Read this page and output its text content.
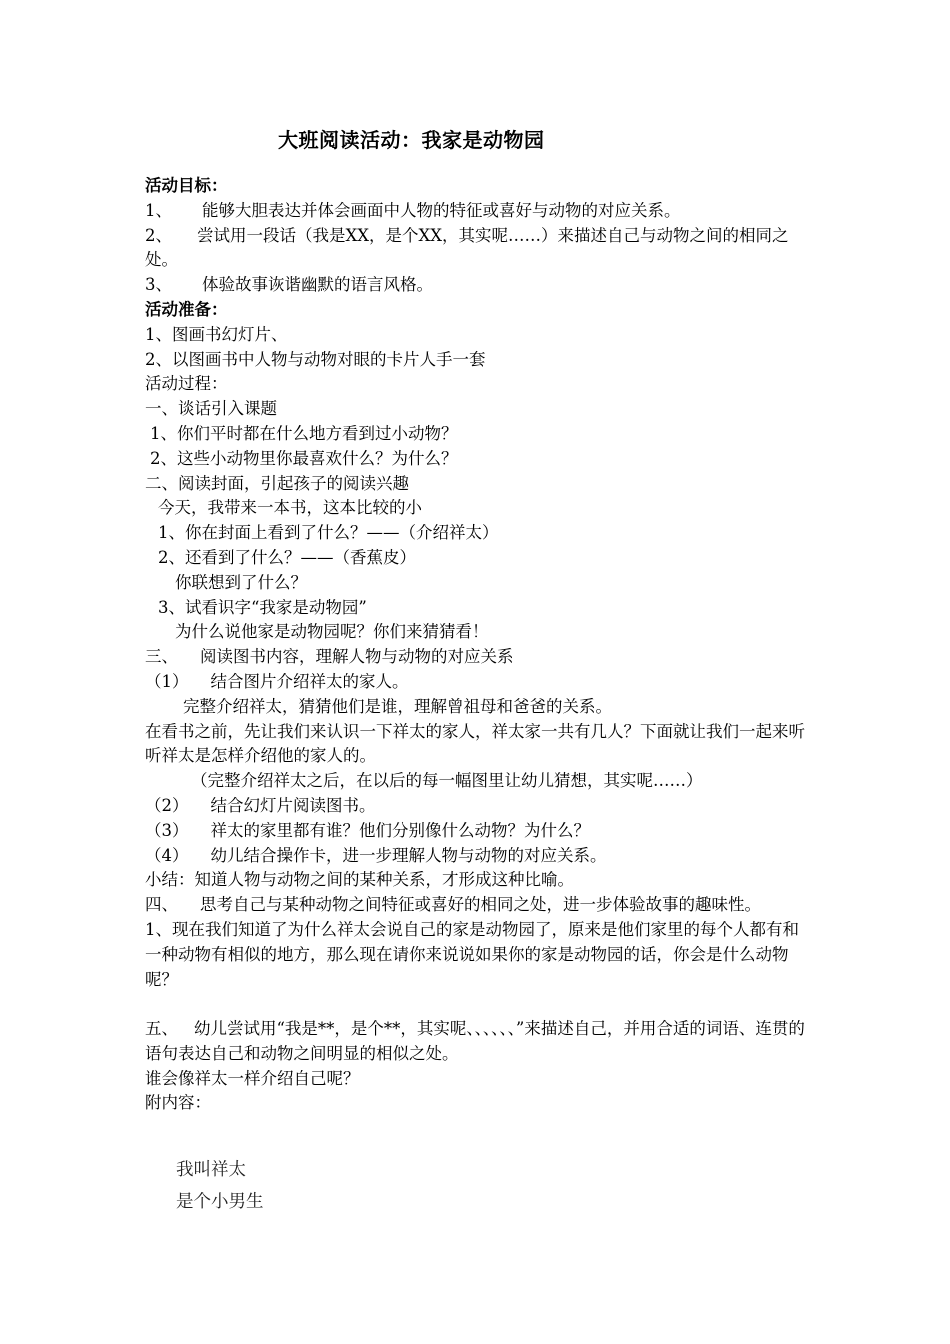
大班阅读活动：我家是动物园

活动目标：

1、 能够大胆表达并体会画面中人物的特征或喜好与动物的对应关系。

2、 尝试用一段话（我是XX，是个XX，其实呢……）来描述自己与动物之间的相同之处。

3、 体验故事诙谐幽默的语言风格。

活动准备：

1、图画书幻灯片、

2、以图画书中人物与动物对眼的卡片人手一套

活动过程：

一、谈话引入课题

1、你们平时都在什么地方看到过小动物？

2、这些小动物里你最喜欢什么？为什么？

二、阅读封面，引起孩子的阅读兴趣

今天，我带来一本书，这本比较的小

1、你在封面上看到了什么？——（介绍祥太）

2、还看到了什么？——（香蕉皮）

你联想到了什么？

3、试看识字“我家是动物园”

为什么说他家是动物园呢？你们来猜猜看！

三、 阅读图书内容，理解人物与动物的对应关系

（1） 结合图片介绍祥太的家人。

完整介绍祥太，猜猜他们是谁，理解曾祖母和爸爸的关系。

在看书之前，先让我们来认识一下祥太的家人，祥太家一共有几人？下面就让我们一起来听听祥太是怎样介绍他的家人的。

（完整介绍祥太之后，在以后的每一幅图里让幼儿猜想，其实呢……）

（2） 结合幻灯片阅读图书。

（3） 祥太的家里都有谁？他们分别像什么动物？为什么？

（4） 幼儿结合操作卡，进一步理解人物与动物的对应关系。

小结：知道人物与动物之间的某种关系，才形成这种比喻。

四、 思考自己与某种动物之间特征或喜好的相同之处，进一步体验故事的趣味性。

1、现在我们知道了为什么祥太会说自己的家是动物园了，原来是他们家里的每个人都有和一种动物有相似的地方，那么现在请你来说说如果你的家是动物园的话，你会是什么动物呢？

五、 幼儿尝试用“我是**，是个**，其实呢、、、、、、”来描述自己，并用合适的词语、连贯的语句表达自己和动物之间明显的相似之处。

谁会像祥太一样介绍自己呢？

附内容：

我叫祥太
是个小男生
